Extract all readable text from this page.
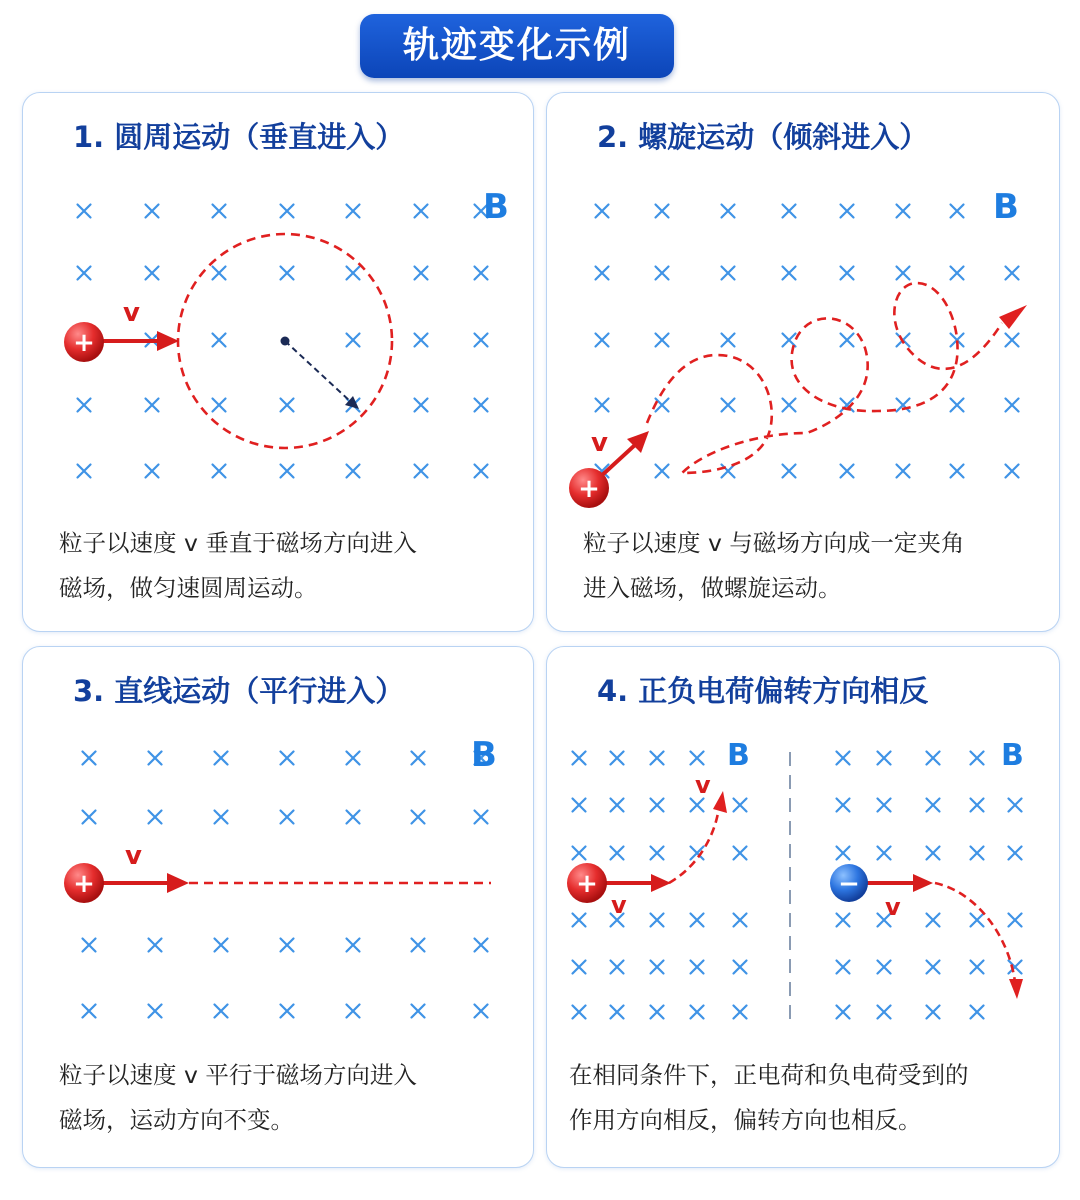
轨迹变化示例
1. 圆周运动（垂直进入）
B
v
+
粒子以速度 v 垂直于磁场方向进入
磁场，做匀速圆周运动。
2. 螺旋运动（倾斜进入）
B
v
+
粒子以速度 v 与磁场方向成一定夹角
进入磁场，做螺旋运动。
3. 直线运动（平行进入）
B
v
+
粒子以速度 v 平行于磁场方向进入
磁场，运动方向不变。
4. 正负电荷偏转方向相反
B
v
v
+
B
v
−
在相同条件下，正电荷和负电荷受到的
作用方向相反，偏转方向也相反。
